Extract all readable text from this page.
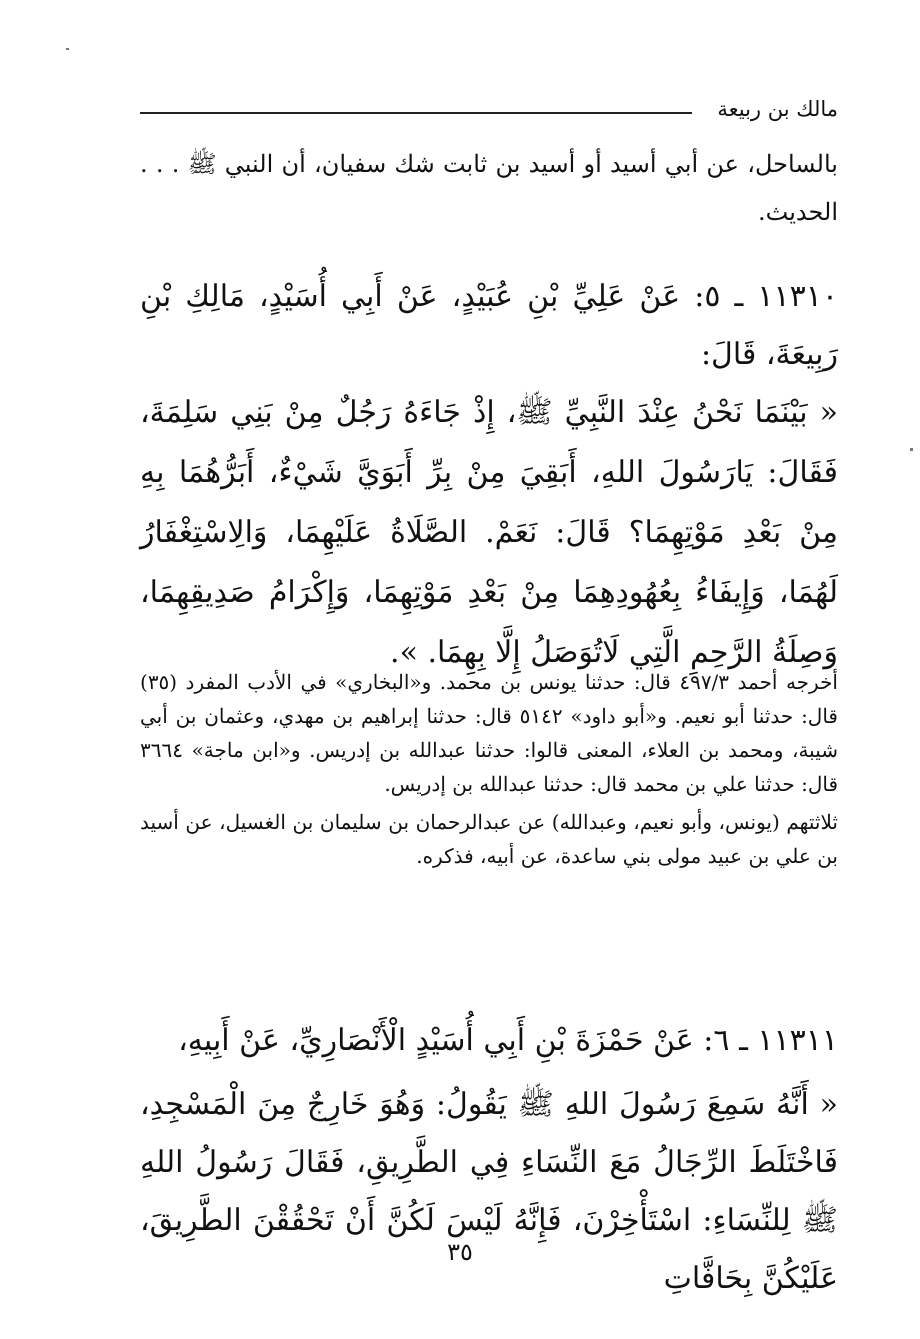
مالك بن ربيعة

بالساحل، عن أبي أسيد أو أسيد بن ثابت شك سفيان، أن النبي ﷺ . . . الحديث.

١١٣١٠ ـ ٥: عَنْ عَلِيِّ بْنِ عُبَيْدٍ، عَنْ أَبِي أُسَيْدٍ، مَالِكِ بْنِ رَبِيعَةَ، قَالَ:

« بَيْنَمَا نَحْنُ عِنْدَ النَّبِيِّ ﷺ، إِذْ جَاءَهُ رَجُلٌ مِنْ بَنِي سَلِمَةَ، فَقَالَ: يَارَسُولَ اللهِ، أَبَقِيَ مِنْ بِرِّ أَبَوَيَّ شَيْءٌ، أَبَرُّهُمَا بِهِ مِنْ بَعْدِ مَوْتِهِمَا؟ قَالَ: نَعَمْ. الصَّلَاةُ عَلَيْهِمَا، وَالِاسْتِغْفَارُ لَهُمَا، وَإِيفَاءُ بِعُهُودِهِمَا مِنْ بَعْدِ مَوْتِهِمَا، وَإِكْرَامُ صَدِيقِهِمَا، وَصِلَةُ الرَّحِمِ الَّتِي لَاتُوَصَلُ إِلَّا بِهِمَا. ».

أخرجه أحمد ٤٩٧/٣ قال: حدثنا يونس بن محمد. و«البخاري» في الأدب المفرد (٣٥) قال: حدثنا أبو نعيم. و«أبو داود» ٥١٤٢ قال: حدثنا إبراهيم بن مهدي، وعثمان بن أبي شيبة، ومحمد بن العلاء، المعنى قالوا: حدثنا عبدالله بن إدريس. و«ابن ماجة» ٣٦٦٤ قال: حدثنا علي بن محمد قال: حدثنا عبدالله بن إدريس.

ثلاثتهم (يونس، وأبو نعيم، وعبدالله) عن عبدالرحمان بن سليمان بن الغسيل، عن أسيد بن علي بن عبيد مولى بني ساعدة، عن أبيه، فذكره.

١١٣١١ ـ ٦: عَنْ حَمْزَةَ بْنِ أَبِي أُسَيْدٍ الْأَنْصَارِيِّ، عَنْ أَبِيهِ،

« أَنَّهُ سَمِعَ رَسُولَ اللهِ ﷺ يَقُولُ: وَهُوَ خَارِجٌ مِنَ الْمَسْجِدِ، فَاخْتَلَطَ الرِّجَالُ مَعَ النِّسَاءِ فِي الطَّرِيقِ، فَقَالَ رَسُولُ اللهِ ﷺ لِلنِّسَاءِ: اسْتَأْخِرْنَ، فَإِنَّهُ لَيْسَ لَكُنَّ أَنْ تَحْقُقْنَ الطَّرِيقَ، عَلَيْكُنَّ بِحَافَّاتِ

٣٥
